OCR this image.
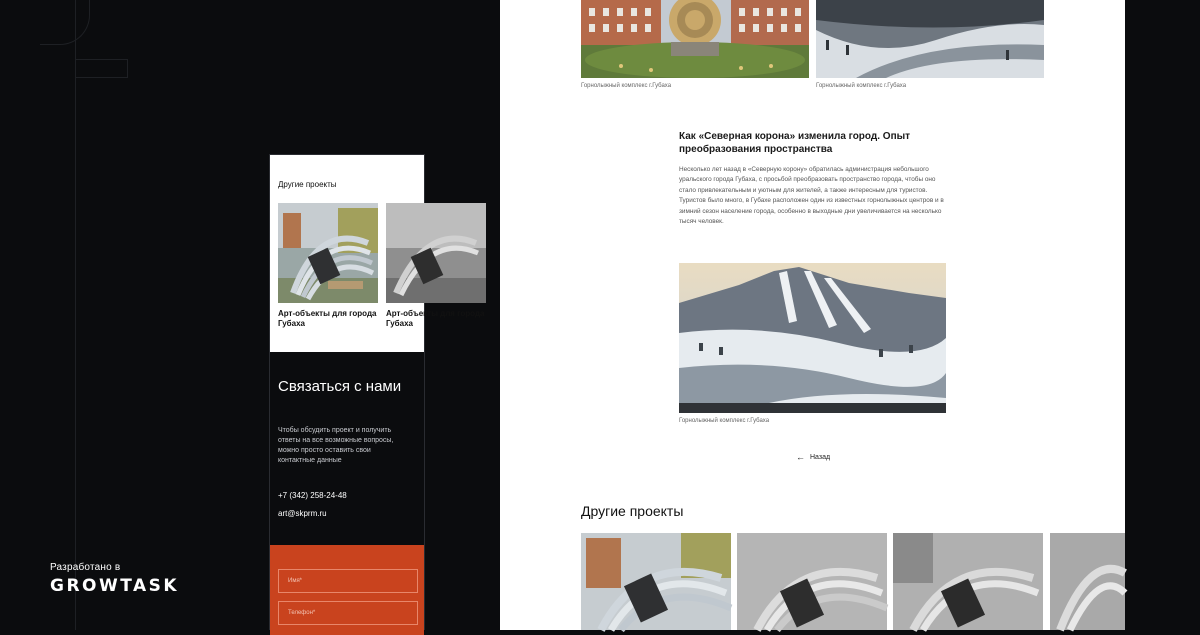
Разработано в
GROWTASK
Другие проекты
Арт-объекты для города Губаха
Арт-объекты для города Губаха
Связаться с нами
Чтобы обсудить проект и получить ответы на все возможные вопросы, можно просто оставить свои контактные данные
+7 (342) 258-24-48
art@skprm.ru
Имя*
Телефон*
Горнолыжный комплекс г.Губаха	Горнолыжный комплекс г.Губаха
Как «Северная корона» изменила город. Опыт преобразования пространства
Несколько лет назад в «Северную корону» обратилась администрация небольшого уральского города Губаха, с просьбой преобразовать пространство города, чтобы оно стало привлекательным и уютным для жителей, а также интересным для туристов. Туристов было много, в Губахе расположен один из известных горнолыжных центров и в зимний сезон население города, особенно в выходные дни увеличивается на несколько тысяч человек.
Горнолыжный комплекс г.Губаха
← Назад
Другие проекты
